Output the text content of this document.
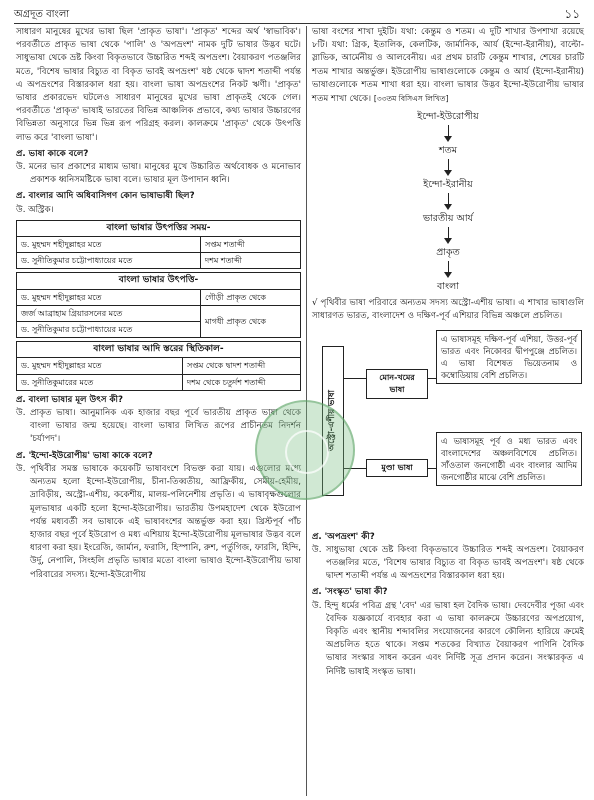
অগ্রদূত বাংলা	১১

সাধারণ মানুষের মুখের ভাষা ছিল 'প্রাকৃত ভাষা'। 'প্রাকৃত' শব্দের অর্থ 'স্বাভাবিক'। পরবর্তীতে প্রাকৃত ভাষা থেকে 'পালি' ও 'অপভ্রংশ' নামক দুটি ভাষার উদ্ভব ঘটে। সাধুভাষা থেকে ভ্রষ্ট কিংবা বিকৃতভাবে উচ্চারিত শব্দই অপভ্রংশ। বৈয়াকরণ পতঞ্জলির মতে, 'বিশেষ ভাষার বিচ্যুত বা বিকৃত ভাবই অপভ্রংশ' ষষ্ঠ থেকে দ্বাদশ শতাব্দী পর্যন্ত এ অপভ্রংশের বিস্তারকাল ধরা হয়। বাংলা ভাষা অপভ্রংশের নিকট ঋণী। 'প্রাকৃত' ভাষার প্রকারভেদ ঘটলেও সাধারণ মানুষের মুখের ভাষা প্রাকৃতই থেকে গেল। পরবর্তীতে 'প্রাকৃত' ভাষাই ভারতের বিভিন্ন আঞ্চলিক প্রভাবে, কথ্য ভাষার উচ্চারণের বিভিন্নতা অনুসারে ভিন্ন ভিন্ন রূপ পরিগ্রহ করল। কালক্রমে 'প্রাকৃত' থেকে উৎপত্তি লাভ করে 'বাংলা ভাষা'।

প্র. ভাষা কাকে বলে?

উ. মনের ভাব প্রকাশের মাধ্যম ভাষা। মানুষের মুখে উচ্চারিত অর্থবোধক ও মনোভাব প্রকাশক ধ্বনিসমষ্টিকে ভাষা বলে। ভাষার মূল উপাদান ধ্বনি।

প্র. বাংলার আদি অধিবাসিগণ কোন ভাষাভাষী ছিল?

উ. অস্ট্রিক।

বাংলা ভাষার উৎপত্তির সময়-	
ড. মুহম্মদ শহীদুল্লাহর মতে	সপ্তম শতাব্দী
ড. সুনীতিকুমার চট্টোপাধ্যায়ের মতে	দশম শতাব্দী
বাংলা ভাষার উৎপত্তি-	
ড. মুহম্মদ শহীদুল্লাহর মতে	গৌড়ী প্রাকৃত থেকে
জর্জ আব্রাহাম গ্রিয়ারসনের মতে	মাগধী প্রাকৃত থেকে
ড. সুনীতিকুমার চট্টোপাধ্যায়ের মতে	
বাংলা ভাষার আদি স্তরের স্থিতিকাল-	
ড. মুহম্মদ শহীদুল্লাহর মতে	সপ্তম থেকে দ্বাদশ শতাব্দী
ড. সুনীতিকুমারের মতে	দশম থেকে চতুর্দশ শতাব্দী

প্র. বাংলা ভাষার মূল উৎস কী?

উ. প্রাকৃত ভাষা। আনুমানিক এক হাজার বছর পূর্বে ভারতীয় প্রাকৃত ভাষা থেকে বাংলা ভাষার জন্ম হয়েছে। বাংলা ভাষার লিখিত রূপের প্রাচীনতম নিদর্শন 'চর্যাপদ'।

প্র. 'ইন্দো-ইউরোপীয়' ভাষা কাকে বলে?

উ. পৃথিবীর সমস্ত ভাষাকে কয়েকটি ভাষাবংশে বিভক্ত করা যায়। এগুলোর মধ্যে অন্যতম হলো ইন্দো-ইউরোপীয়, চীনা-তিব্বতীয়, আফ্রিকীয়, সেমীয়-হেমীয়, দ্রাবিড়ীয়, অস্ট্রো-এশীয়, ককেশীয়, মালয়-পলিনেশীয় প্রভৃতি। এ ভাষাবৃক্ষগুলোর মূলভাষার একটি হলো ইন্দো-ইউরোপীয়। ভারতীয় উপমহাদেশ থেকে ইউরোপ পর্যন্ত মধ্যবর্তী সব ভাষাকে এই ভাষাবংশের অন্তর্ভুক্ত করা হয়। খ্রিস্টপূর্ব পাঁচ হাজার বছর পূর্বে ইউরোপ ও মধ্য এশিয়ায় ইন্দো-ইউরোপীয় মূলভাষার উদ্ভব বলে ধারণা করা হয়। ইংরেজি, জার্মান, ফরাসি, হিস্পানি, রুশ, পর্তুগিজ, ফারসি, হিন্দি, উর্দু, নেপালি, সিংহলি প্রভৃতি ভাষার মতো বাংলা ভাষাও ইন্দো-ইউরোপীয় ভাষা পরিবারের সদস্য। ইন্দো-ইউরোপীয়

ভাষা বংশের শাখা দুইটি। যথা: কেন্তুম ও শতম। এ দুটি শাখার উপশাখা রয়েছে ৮টি। যথা: গ্রিক, ইতালিক, কেলটিক, জার্মানিক, আর্য (ইন্দো-ইরানীয়), বাল্টো-স্লাভিক, আর্মেনীয় ও আলবেনীয়। এর প্রথম চারটি কেন্তুম শাখার, শেষের চারটি শতম শাখার অন্তর্ভুক্ত। ইউরোপীয় ভাষাগুলোকে কেন্তুম ও আর্য (ইন্দো-ইরানীয়) ভাষাগুলোকে শতম শাখা ধরা হয়। বাংলা ভাষার উদ্ভব ইন্দো-ইউরোপীয় ভাষার শতম শাখা থেকে। [৩৩তম বিসিএস লিখিত]

ইন্দো-ইউরোপীয়
শতম
ইন্দো-ইরানীয়
ভারতীয় আর্য
প্রাকৃত
বাংলা

√ পৃথিবীর ভাষা পরিবারে অন্যতম সদস্য অস্ট্রো-এশীয় ভাষা। এ শাখার ভাষাগুলি সাধারণত ভারত, বাংলাদেশ ও দক্ষিণ-পূর্ব এশিয়ার বিভিন্ন অঞ্চলে প্রচলিত।

অস্ট্রো-এশীয় ভাষা
মোন-খমের ভাষা
এ ভাষাসমূহ দক্ষিণ-পূর্ব এশিয়া, উত্তর-পূর্ব ভারত এবং নিকোবর দ্বীপপুঞ্জে প্রচলিত। এ ভাষা বিশেষত ভিয়েতনাম ও কম্বোডিয়ায় বেশি প্রচলিত।
মুণ্ডা ভাষা
এ ভাষাসমূহ পূর্ব ও মধ্য ভারত এবং বাংলাদেশের অঞ্চলবিশেষে প্রচলিত। সাঁওতাল জনগোষ্ঠী এবং বাংলার আদিম জনগোষ্ঠীর মাঝে বেশি প্রচলিত।

প্র. 'অপভ্রংশ' কী?

উ. সাধুভাষা থেকে ভ্রষ্ট কিংবা বিকৃতভাবে উচ্চারিত শব্দই অপভ্রংশ। বৈয়াকরণ পতঞ্জলির মতে, 'বিশেষ ভাষার বিচ্যুত বা বিকৃত ভাবই অপভ্রংশ'। ষষ্ঠ থেকে দ্বাদশ শতাব্দী পর্যন্ত এ অপভ্রংশের বিস্তারকাল ধরা হয়।

প্র. 'সংস্কৃত' ভাষা কী?

উ. হিন্দু ধর্মের পবিত্র গ্রন্থ 'বেদ' এর ভাষা হল বৈদিক ভাষা। দেবদেবীর পূজা এবং বৈদিক যজ্ঞকার্যে ব্যবহার করা এ ভাষা কালক্রমে উচ্চারণের অপপ্রয়োগ, বিকৃতি এবং স্থানীয় শব্দাবলির সংযোজনের কারণে কৌলিন্য হারিয়ে ক্রমেই অপ্রচলিত হতে থাকে। সপ্তম শতকের বিখ্যাত বৈয়াকরণ পাণিনি বৈদিক ভাষার সংস্কার সাধন করেন এবং নির্দিষ্ট সূত্র প্রদান করেন। সংস্কারকৃত এ নির্দিষ্ট ভাষাই সংস্কৃত ভাষা।
